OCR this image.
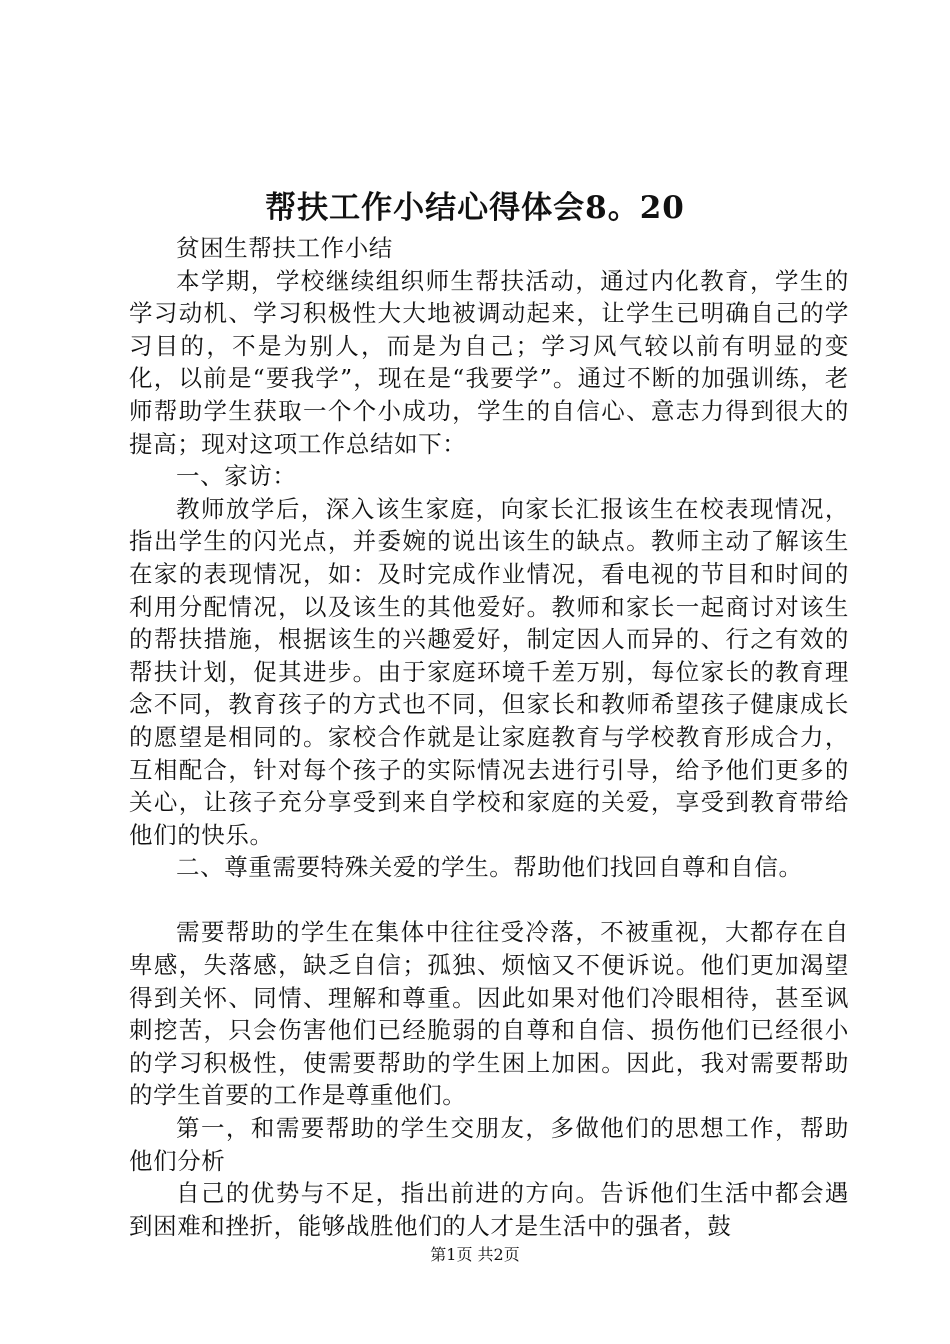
帮扶工作小结心得体会8。20

贫困生帮扶工作小结

本学期，学校继续组织师生帮扶活动，通过内化教育，学生的学习动机、学习积极性大大地被调动起来，让学生已明确自己的学习目的，不是为别人，而是为自己；学习风气较以前有明显的变化，以前是“要我学”，现在是“我要学”。通过不断的加强训练，老师帮助学生获取一个个小成功，学生的自信心、意志力得到很大的提高；现对这项工作总结如下：

一、家访：

教师放学后，深入该生家庭，向家长汇报该生在校表现情况，指出学生的闪光点，并委婉的说出该生的缺点。教师主动了解该生在家的表现情况，如：及时完成作业情况，看电视的节目和时间的利用分配情况，以及该生的其他爱好。教师和家长一起商讨对该生的帮扶措施，根据该生的兴趣爱好，制定因人而异的、行之有效的帮扶计划，促其进步。由于家庭环境千差万别，每位家长的教育理念不同，教育孩子的方式也不同，但家长和教师希望孩子健康成长的愿望是相同的。家校合作就是让家庭教育与学校教育形成合力，互相配合，针对每个孩子的实际情况去进行引导，给予他们更多的关心，让孩子充分享受到来自学校和家庭的关爱，享受到教育带给他们的快乐。

二、尊重需要特殊关爱的学生。帮助他们找回自尊和自信。

需要帮助的学生在集体中往往受冷落，不被重视，大都存在自卑感，失落感，缺乏自信；孤独、烦恼又不便诉说。他们更加渴望得到关怀、同情、理解和尊重。因此如果对他们冷眼相待，甚至讽刺挖苦，只会伤害他们已经脆弱的自尊和自信、损伤他们已经很小的学习积极性，使需要帮助的学生困上加困。因此，我对需要帮助的学生首要的工作是尊重他们。

第一，和需要帮助的学生交朋友，多做他们的思想工作，帮助他们分析

自己的优势与不足，指出前进的方向。告诉他们生活中都会遇到困难和挫折，能够战胜他们的人才是生活中的强者，鼓

第1页 共2页
